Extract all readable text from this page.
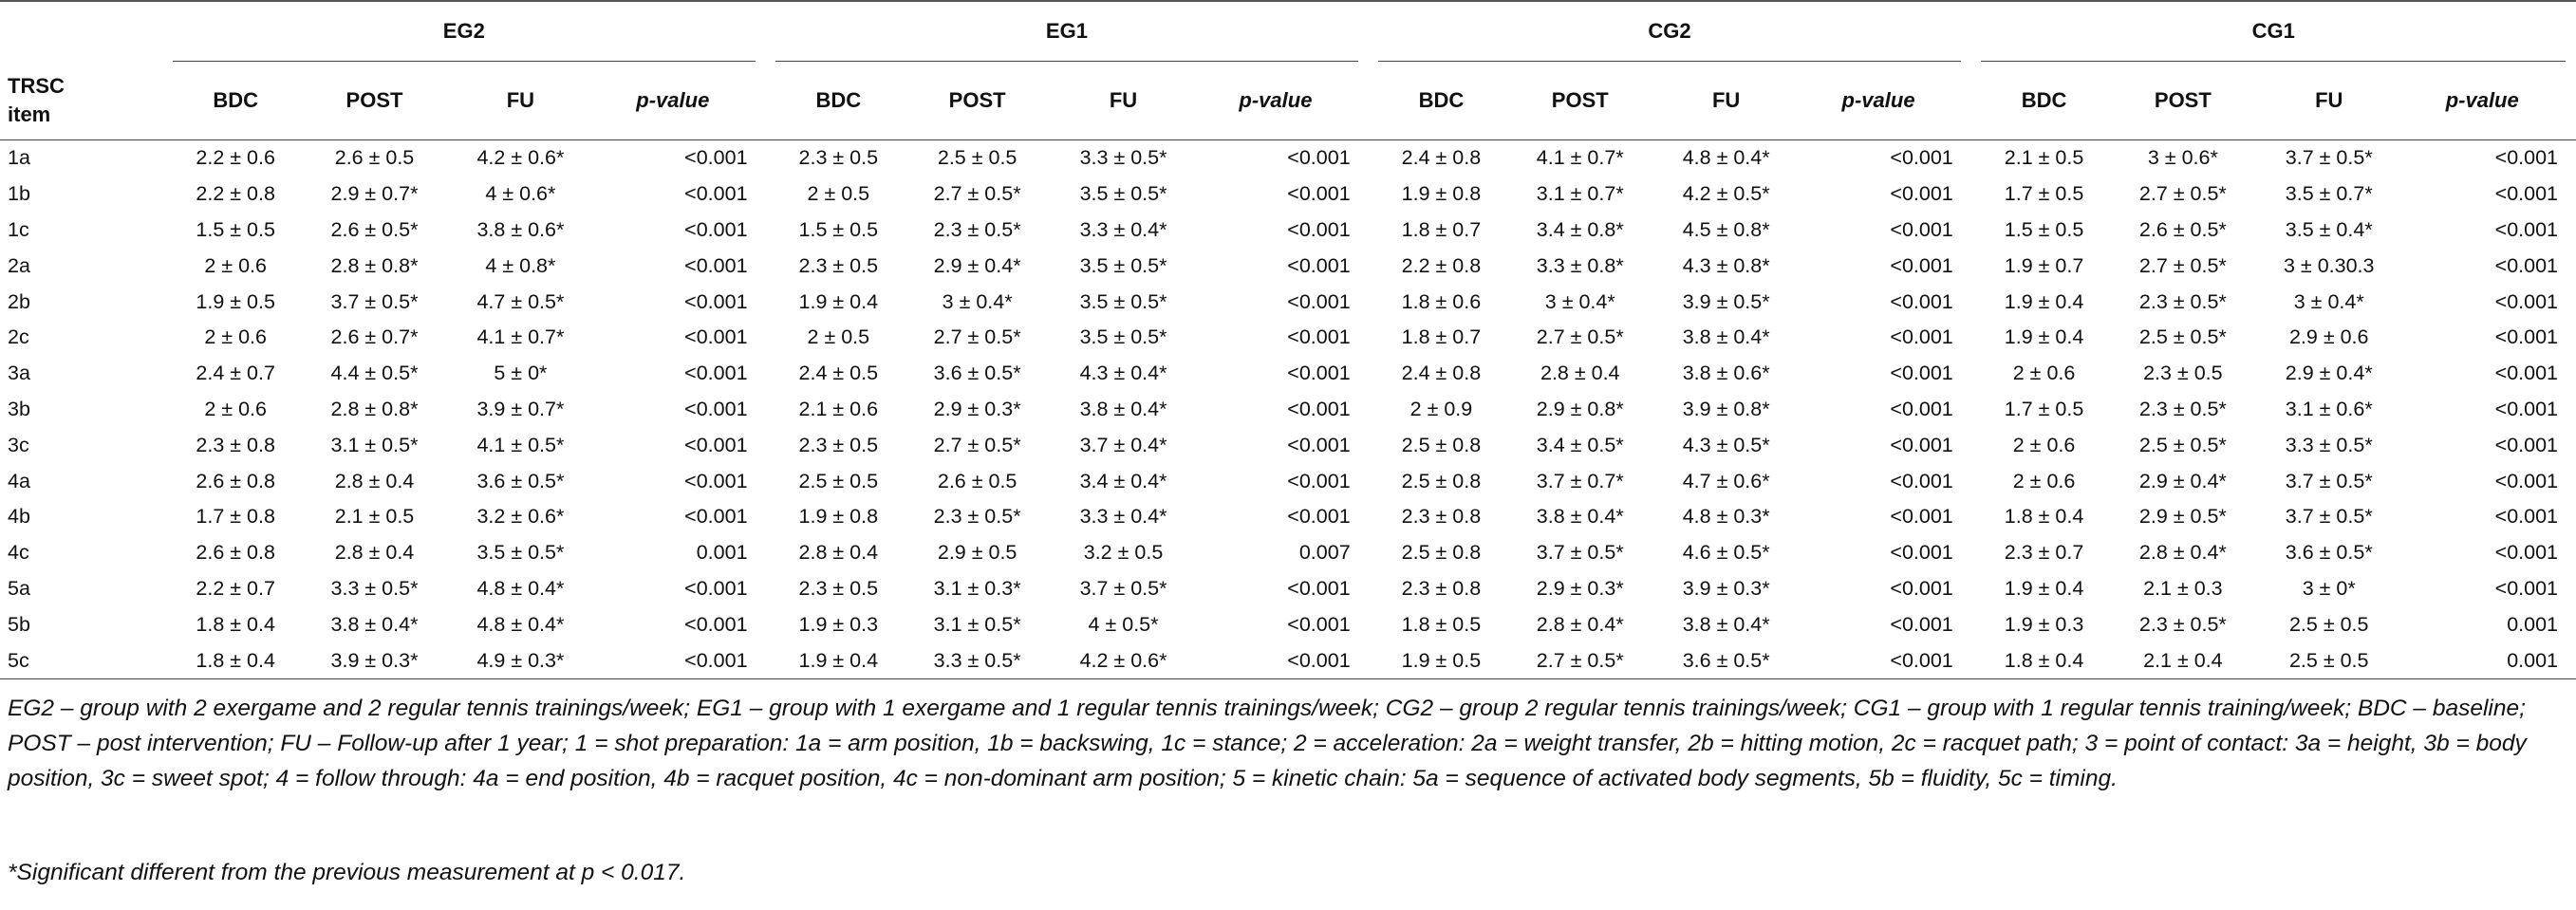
	EG2					EG1					CG2					CG1				
TRSC
item	BDC	POST	FU	p-value		BDC	POST	FU	p-value		BDC	POST	FU	p-value		BDC	POST	FU	p-value	
1a	2.2 ± 0.6	2.6 ± 0.5	4.2 ± 0.6*	<0.001		2.3 ± 0.5	2.5 ± 0.5	3.3 ± 0.5*	<0.001		2.4 ± 0.8	4.1 ± 0.7*	4.8 ± 0.4*	<0.001		2.1 ± 0.5	3 ± 0.6*	3.7 ± 0.5*	<0.001	
1b	2.2 ± 0.8	2.9 ± 0.7*	4 ± 0.6*	<0.001		2 ± 0.5	2.7 ± 0.5*	3.5 ± 0.5*	<0.001		1.9 ± 0.8	3.1 ± 0.7*	4.2 ± 0.5*	<0.001		1.7 ± 0.5	2.7 ± 0.5*	3.5 ± 0.7*	<0.001	
1c	1.5 ± 0.5	2.6 ± 0.5*	3.8 ± 0.6*	<0.001		1.5 ± 0.5	2.3 ± 0.5*	3.3 ± 0.4*	<0.001		1.8 ± 0.7	3.4 ± 0.8*	4.5 ± 0.8*	<0.001		1.5 ± 0.5	2.6 ± 0.5*	3.5 ± 0.4*	<0.001	
2a	2 ± 0.6	2.8 ± 0.8*	4 ± 0.8*	<0.001		2.3 ± 0.5	2.9 ± 0.4*	3.5 ± 0.5*	<0.001		2.2 ± 0.8	3.3 ± 0.8*	4.3 ± 0.8*	<0.001		1.9 ± 0.7	2.7 ± 0.5*	3 ± 0.30.3	<0.001	
2b	1.9 ± 0.5	3.7 ± 0.5*	4.7 ± 0.5*	<0.001		1.9 ± 0.4	3 ± 0.4*	3.5 ± 0.5*	<0.001		1.8 ± 0.6	3 ± 0.4*	3.9 ± 0.5*	<0.001		1.9 ± 0.4	2.3 ± 0.5*	3 ± 0.4*	<0.001	
2c	2 ± 0.6	2.6 ± 0.7*	4.1 ± 0.7*	<0.001		2 ± 0.5	2.7 ± 0.5*	3.5 ± 0.5*	<0.001		1.8 ± 0.7	2.7 ± 0.5*	3.8 ± 0.4*	<0.001		1.9 ± 0.4	2.5 ± 0.5*	2.9 ± 0.6	<0.001	
3a	2.4 ± 0.7	4.4 ± 0.5*	5 ± 0*	<0.001		2.4 ± 0.5	3.6 ± 0.5*	4.3 ± 0.4*	<0.001		2.4 ± 0.8	2.8 ± 0.4	3.8 ± 0.6*	<0.001		2 ± 0.6	2.3 ± 0.5	2.9 ± 0.4*	<0.001	
3b	2 ± 0.6	2.8 ± 0.8*	3.9 ± 0.7*	<0.001		2.1 ± 0.6	2.9 ± 0.3*	3.8 ± 0.4*	<0.001		2 ± 0.9	2.9 ± 0.8*	3.9 ± 0.8*	<0.001		1.7 ± 0.5	2.3 ± 0.5*	3.1 ± 0.6*	<0.001	
3c	2.3 ± 0.8	3.1 ± 0.5*	4.1 ± 0.5*	<0.001		2.3 ± 0.5	2.7 ± 0.5*	3.7 ± 0.4*	<0.001		2.5 ± 0.8	3.4 ± 0.5*	4.3 ± 0.5*	<0.001		2 ± 0.6	2.5 ± 0.5*	3.3 ± 0.5*	<0.001	
4a	2.6 ± 0.8	2.8 ± 0.4	3.6 ± 0.5*	<0.001		2.5 ± 0.5	2.6 ± 0.5	3.4 ± 0.4*	<0.001		2.5 ± 0.8	3.7 ± 0.7*	4.7 ± 0.6*	<0.001		2 ± 0.6	2.9 ± 0.4*	3.7 ± 0.5*	<0.001	
4b	1.7 ± 0.8	2.1 ± 0.5	3.2 ± 0.6*	<0.001		1.9 ± 0.8	2.3 ± 0.5*	3.3 ± 0.4*	<0.001		2.3 ± 0.8	3.8 ± 0.4*	4.8 ± 0.3*	<0.001		1.8 ± 0.4	2.9 ± 0.5*	3.7 ± 0.5*	<0.001	
4c	2.6 ± 0.8	2.8 ± 0.4	3.5 ± 0.5*	0.001		2.8 ± 0.4	2.9 ± 0.5	3.2 ± 0.5	0.007		2.5 ± 0.8	3.7 ± 0.5*	4.6 ± 0.5*	<0.001		2.3 ± 0.7	2.8 ± 0.4*	3.6 ± 0.5*	<0.001	
5a	2.2 ± 0.7	3.3 ± 0.5*	4.8 ± 0.4*	<0.001		2.3 ± 0.5	3.1 ± 0.3*	3.7 ± 0.5*	<0.001		2.3 ± 0.8	2.9 ± 0.3*	3.9 ± 0.3*	<0.001		1.9 ± 0.4	2.1 ± 0.3	3 ± 0*	<0.001	
5b	1.8 ± 0.4	3.8 ± 0.4*	4.8 ± 0.4*	<0.001		1.9 ± 0.3	3.1 ± 0.5*	4 ± 0.5*	<0.001		1.8 ± 0.5	2.8 ± 0.4*	3.8 ± 0.4*	<0.001		1.9 ± 0.3	2.3 ± 0.5*	2.5 ± 0.5	0.001	
5c	1.8 ± 0.4	3.9 ± 0.3*	4.9 ± 0.3*	<0.001		1.9 ± 0.4	3.3 ± 0.5*	4.2 ± 0.6*	<0.001		1.9 ± 0.5	2.7 ± 0.5*	3.6 ± 0.5*	<0.001		1.8 ± 0.4	2.1 ± 0.4	2.5 ± 0.5	0.001	

EG2 – group with 2 exergame and 2 regular tennis trainings/week; EG1 – group with 1 exergame and 1 regular tennis trainings/week; CG2 – group 2 regular tennis trainings/week; CG1 – group with 1 regular tennis training/week; BDC – baseline; POST – post intervention; FU – Follow-up after 1 year; 1 = shot preparation: 1a = arm position, 1b = backswing, 1c = stance; 2 = acceleration: 2a = weight transfer, 2b = hitting motion, 2c = racquet path; 3 = point of contact: 3a = height, 3b = body position, 3c = sweet spot; 4 = follow through: 4a = end position, 4b = racquet position, 4c = non-dominant arm position; 5 = kinetic chain: 5a = sequence of activated body segments, 5b = fluidity, 5c = timing.

*Significant different from the previous measurement at p < 0.017.
